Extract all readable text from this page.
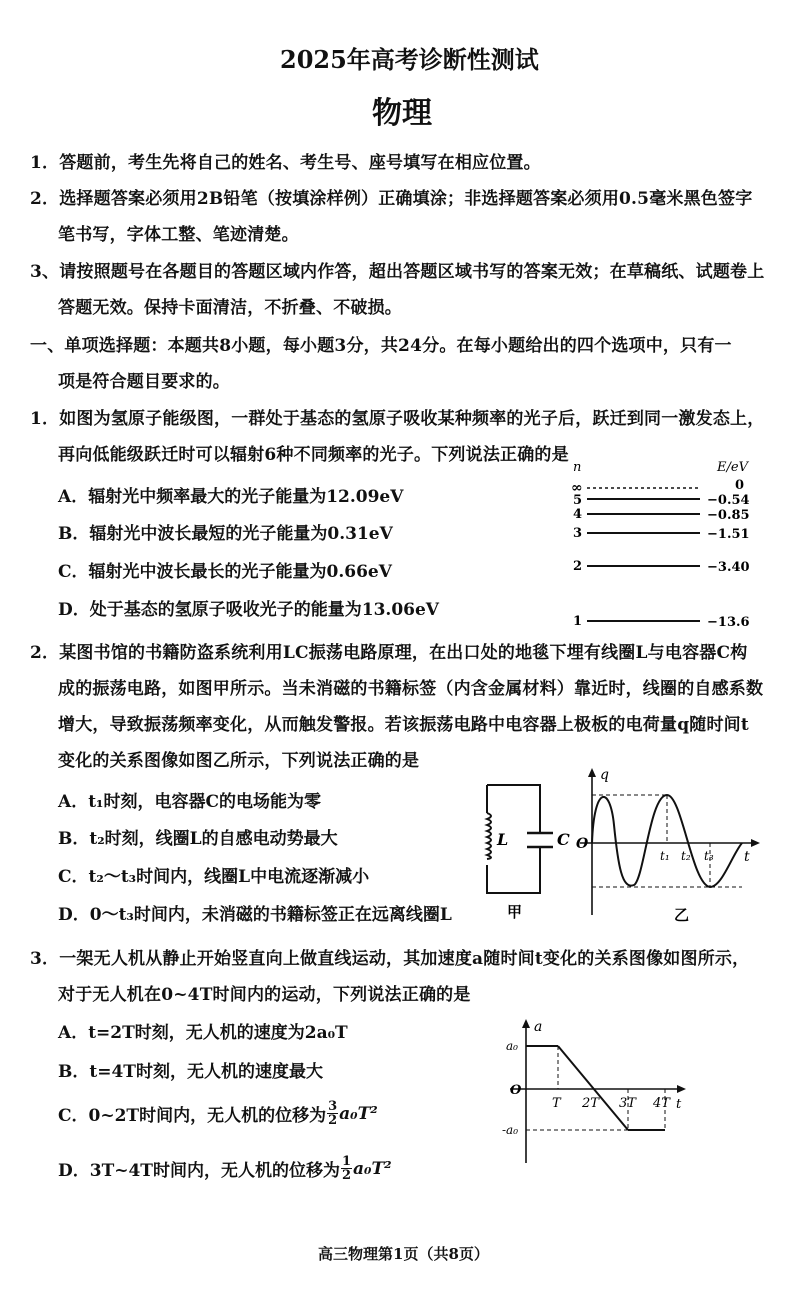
2025年高考诊断性测试
物理
1．答题前，考生先将自己的姓名、考生号、座号填写在相应位置。
2．选择题答案必须用2B铅笔（按填涂样例）正确填涂；非选择题答案必须用0.5毫米黑色签字
笔书写，字体工整、笔迹清楚。
3、请按照题号在各题目的答题区域内作答，超出答题区域书写的答案无效；在草稿纸、试题卷上
答题无效。保持卡面清洁，不折叠、不破损。
一、单项选择题：本题共8小题，每小题3分，共24分。在每小题给出的四个选项中，只有一
项是符合题目要求的。
1．如图为氢原子能级图，一群处于基态的氢原子吸收某种频率的光子后，跃迁到同一激发态上，
再向低能级跃迁时可以辐射6种不同频率的光子。下列说法正确的是
A．辐射光中频率最大的光子能量为12.09eV
B．辐射光中波长最短的光子能量为0.31eV
C．辐射光中波长最长的光子能量为0.66eV
D．处于基态的氢原子吸收光子的能量为13.06eV
n	E/eV
∞	0
5	−0.54
4	−0.85
3	−1.51
2	−3.40
1	−13.6
2．某图书馆的书籍防盗系统利用LC振荡电路原理，在出口处的地毯下埋有线圈L与电容器C构
成的振荡电路，如图甲所示。当未消磁的书籍标签（内含金属材料）靠近时，线圈的自感系数
增大，导致振荡频率变化，从而触发警报。若该振荡电路中电容器上极板的电荷量q随时间t
变化的关系图像如图乙所示，下列说法正确的是
A．t₁时刻，电容器C的电场能为零
B．t₂时刻，线圈L的自感电动势最大
C．t₂～t₃时间内，线圈L中电流逐渐减小
D．0～t₃时间内，未消磁的书籍标签正在远离线圈L
L	C
甲
q
O
t
t₁ t₂ t₃
乙
3．一架无人机从静止开始竖直向上做直线运动，其加速度a随时间t变化的关系图像如图所示，
对于无人机在0~4T时间内的运动，下列说法正确的是
A．t=2T时刻，无人机的速度为2a₀T
B．t=4T时刻，无人机的速度最大
C．0~2T时间内，无人机的位移为 $\frac{3}{2} a_0T^2$
D．3T~4T时间内，无人机的位移为 $\frac{1}{2} a_0T^2$
a
a₀
-a₀
O
t
T 2T 3T 4T
高三物理第1页（共8页）
